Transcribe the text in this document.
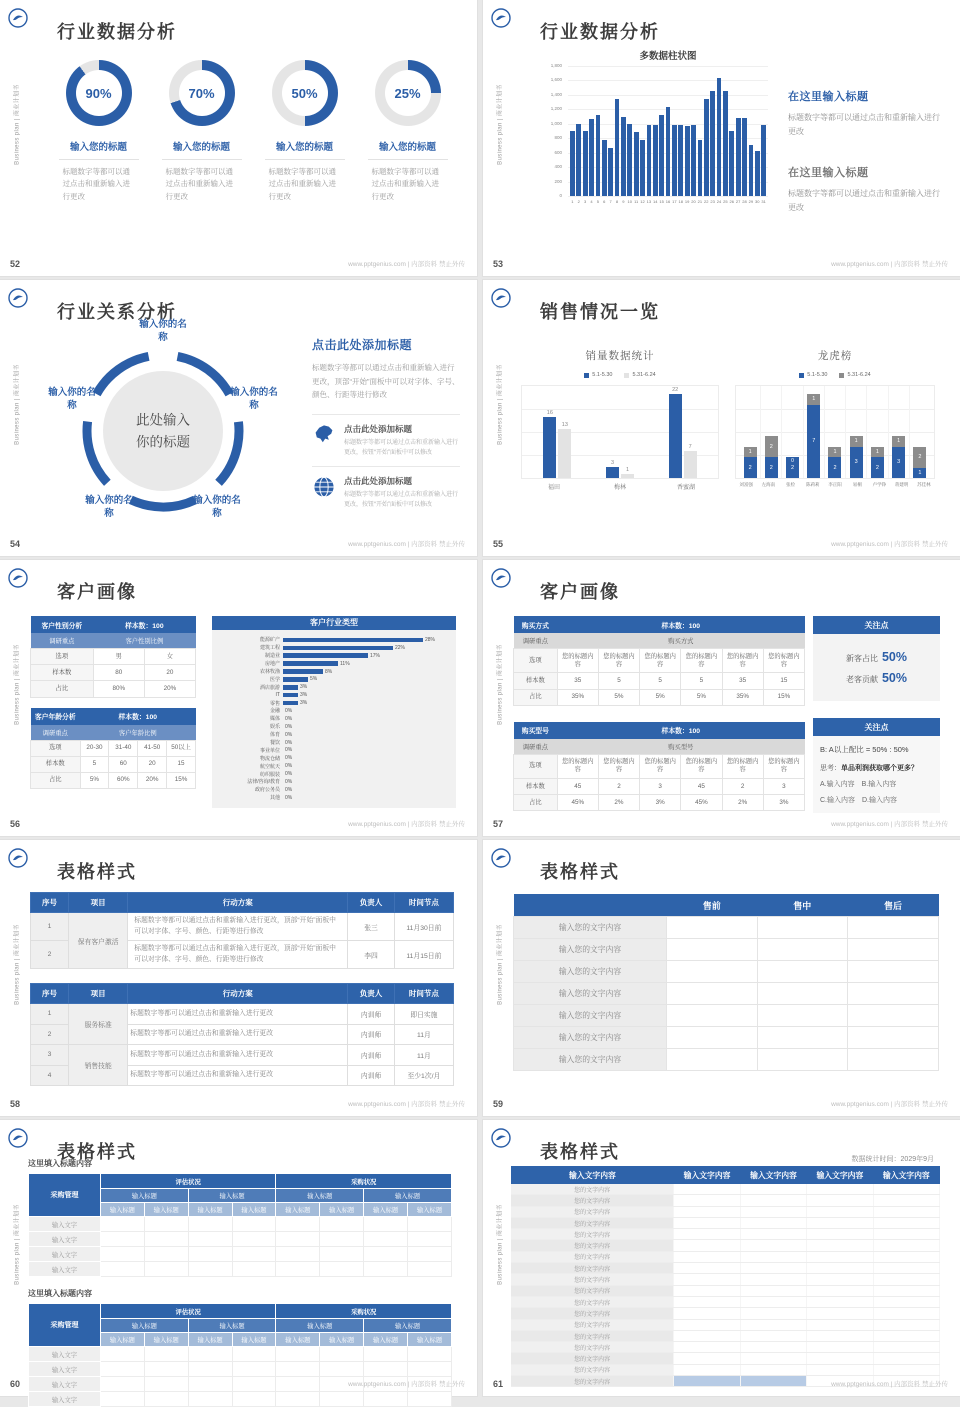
Business plan | 商业计划书
行业数据分析
90%
输入您的标题
标题数字等都可以通过点击和重新输入进行更改
70%
输入您的标题
标题数字等都可以通过点击和重新输入进行更改
50%
输入您的标题
标题数字等都可以通过点击和重新输入进行更改
25%
输入您的标题
标题数字等都可以通过点击和重新输入进行更改
52	www.pptgenius.com | 内部资料 禁止外传
Business plan | 商业计划书
行业数据分析
多数据柱状图
1,800
1,600
1,400
1,200
1,000
800
600
400
200
0
1	2	3	4	5	6	7	8	9 10 11 12 13 14 15 16 17 18 19 20 21 22 23 24 25 26 27 28 29 30 31
在这里输入标题
标题数字等都可以通过点击和重新输入进行更改
在这里输入标题
标题数字等都可以通过点击和重新输入进行更改
53	www.pptgenius.com | 内部资料 禁止外传
Business plan | 商业计划书
行业关系分析
此处输入
你的标题
输入你的名称
输入你的名称
输入你的名称
输入你的名称
输入你的名称
点击此处添加标题
标题数字等都可以通过点击和重新输入进行更改，顶部“开始”面板中可以对字体、字号、颜色、行距等进行修改
点击此处添加标题
标题数字等都可以通过点击和重新输入进行更改，按钮“开始”面板中可以修改
点击此处添加标题
标题数字等都可以通过点击和重新输入进行更改，按钮“开始”面板中可以修改
54	www.pptgenius.com | 内部资料 禁止外传
Business plan | 商业计划书
销售情况一览
销量数据统计
5.1-5.30	5.31-6.24
16
13
3
1
22
7
福田	梅林	香蜜湖
龙虎榜
5.1-5.30	5.31-6.24
1
2
2
2	2
0
1
7
1
2
1
3
1
2
1
3
2
1
刘富强	左海南	张检	陈莉莉	李正阳	易桐	卢学铮	蒋建明	苏佳林
55	www.pptgenius.com | 内部资料 禁止外传
Business plan | 商业计划书
客户画像
客户性别分析	样本数：100	
调研重点	客户性别比例	
选项	男	女
样本数	80	20
占比	80%	20%
客户年龄分析	样本数：100			
调研重点	客户年龄比例			
选项	20-30	31-40	41-50	50以上
样本数	5	60	20	15
占比	5%	60%	20%	15%
客户行业类型
能源矿产	28%
建筑工程	22%
制造业	17%
房地产	11%
农林牧渔	8%
医学	5%
酒店旅游	3%
IT	3%
零售	3%
金融	0%
媒体	0%
娱乐	0%
体育	0%
餐饮	0%
事业单位	0%
物流仓储	0%
航空航天	0%
纺织服装	0%
法律/咨询/教育	0%
政府公务员	0%
其他	0%
56	www.pptgenius.com | 内部资料 禁止外传
Business plan | 商业计划书
客户画像
购买方式	样本数：100					
调研重点	购买方式					
选项	您的标题内容	您的标题内容	您的标题内容	您的标题内容	您的标题内容	您的标题内容
样本数	35	5	5	5	35	15
占比	35%	5%	5%	5%	35%	15%
购买型号	样本数：100					
调研重点	购买型号					
选项	您的标题内容	您的标题内容	您的标题内容	您的标题内容	您的标题内容	您的标题内容
样本数	45	2	3	45	2	3
占比	45%	2%	3%	45%	2%	3%
关注点
新客占比 50%
老客贡献 50%
关注点
B: A以上配比 = 50% : 50%
思考：单品利润获取哪个更多？
A.输入内容　B.输入内容
C.输入内容　D.输入内容
57	www.pptgenius.com | 内部资料 禁止外传
Business plan | 商业计划书
表格样式
序号	项目	行动方案	负责人	时间节点
1	保有客户激活	标题数字等都可以通过点击和重新输入进行更改，顶部“开始”面板中可以对字体、字号、颜色、行距等进行修改	张三	11月30日前
2		标题数字等都可以通过点击和重新输入进行更改，顶部“开始”面板中可以对字体、字号、颜色、行距等进行修改	李四	11月15日前
序号	项目	行动方案	负责人	时间节点
1	服务标准	标题数字等都可以通过点击和重新输入进行更改	内训师	即日实施
2		标题数字等都可以通过点击和重新输入进行更改	内训师	11月
3	销售技能	标题数字等都可以通过点击和重新输入进行更改	内训师	11月
4		标题数字等都可以通过点击和重新输入进行更改	内训师	至少1次/月
58	www.pptgenius.com | 内部资料 禁止外传
Business plan | 商业计划书
表格样式
	售前	售中	售后
输入您的文字内容			
输入您的文字内容			
输入您的文字内容			
输入您的文字内容			
输入您的文字内容			
输入您的文字内容			
输入您的文字内容			
59	www.pptgenius.com | 内部资料 禁止外传
Business plan | 商业计划书
表格样式
这里填入标题内容
采购管理	评估状况				采购状况			
	输入标题		输入标题		输入标题		输入标题	
	输入标题	输入标题	输入标题	输入标题	输入标题	输入标题	输入标题	输入标题
输入文字								
输入文字								
输入文字								
输入文字								
这里填入标题内容
采购管理	评估状况				采购状况			
	输入标题		输入标题		输入标题		输入标题	
	输入标题	输入标题	输入标题	输入标题	输入标题	输入标题	输入标题	输入标题
输入文字								
输入文字								
输入文字								
输入文字								
60	www.pptgenius.com | 内部资料 禁止外传
Business plan | 商业计划书
表格样式	数据统计时间：2029年9月
输入文字内容	输入文字内容	输入文字内容	输入文字内容	输入文字内容
您的文字内容				
您的文字内容				
您的文字内容				
您的文字内容				
您的文字内容				
您的文字内容				
您的文字内容				
您的文字内容				
您的文字内容				
您的文字内容				
您的文字内容				
您的文字内容				
您的文字内容				
您的文字内容				
您的文字内容				
您的文字内容				
您的文字内容				
您的文字内容				
61	www.pptgenius.com | 内部资料 禁止外传
